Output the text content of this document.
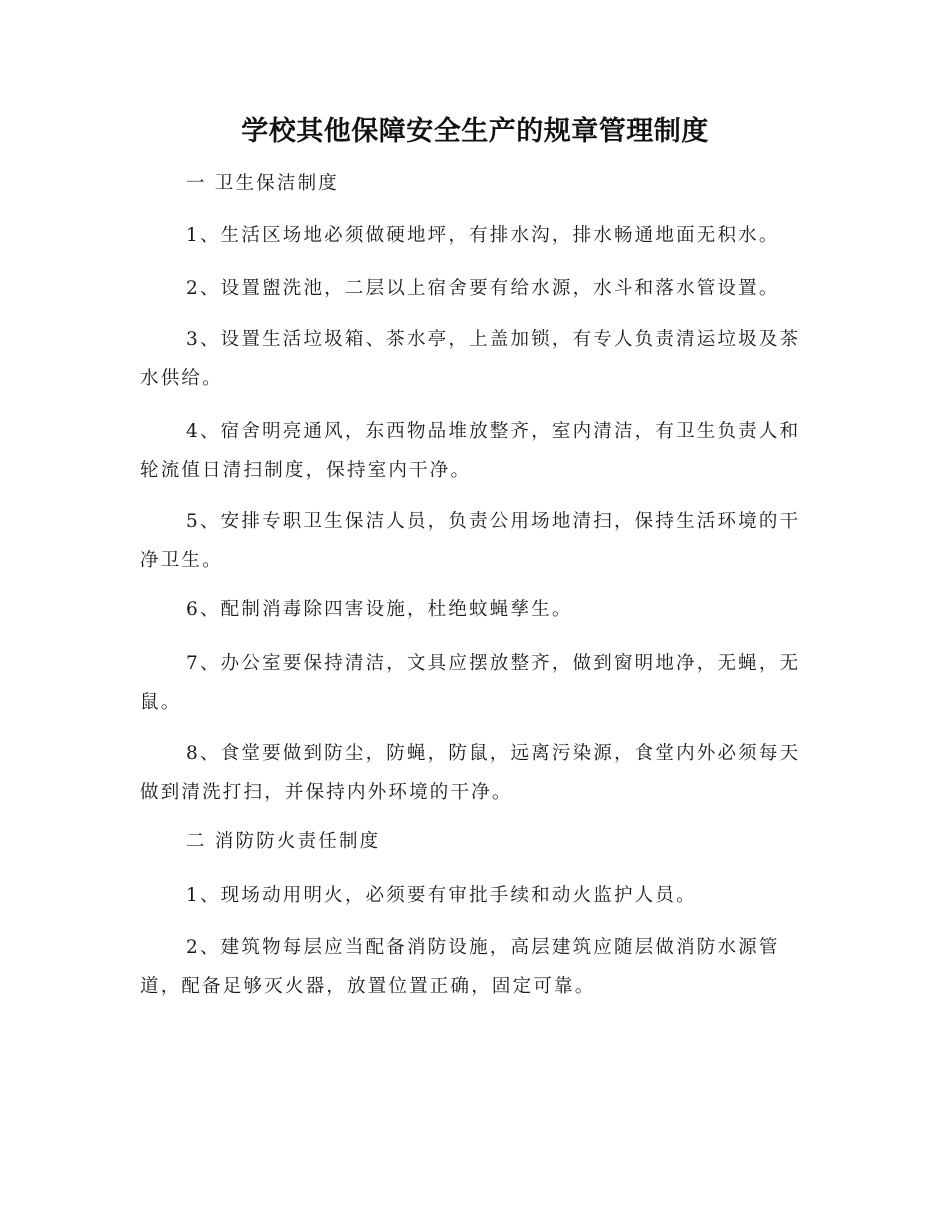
学校其他保障安全生产的规章管理制度

一 卫生保洁制度

1、生活区场地必须做硬地坪，有排水沟，排水畅通地面无积水。

2、设置盥洗池，二层以上宿舍要有给水源，水斗和落水管设置。

3、设置生活垃圾箱、茶水亭，上盖加锁，有专人负责清运垃圾及茶水供给。

4、宿舍明亮通风，东西物品堆放整齐，室内清洁，有卫生负责人和轮流值日清扫制度，保持室内干净。

5、安排专职卫生保洁人员，负责公用场地清扫，保持生活环境的干净卫生。

6、配制消毒除四害设施，杜绝蚊蝇孳生。

7、办公室要保持清洁，文具应摆放整齐，做到窗明地净，无蝇，无鼠。

8、食堂要做到防尘，防蝇，防鼠，远离污染源，食堂内外必须每天做到清洗打扫，并保持内外环境的干净。

二 消防防火责任制度

1、现场动用明火，必须要有审批手续和动火监护人员。

2、建筑物每层应当配备消防设施，高层建筑应随层做消防水源管道，配备足够灭火器，放置位置正确，固定可靠。
